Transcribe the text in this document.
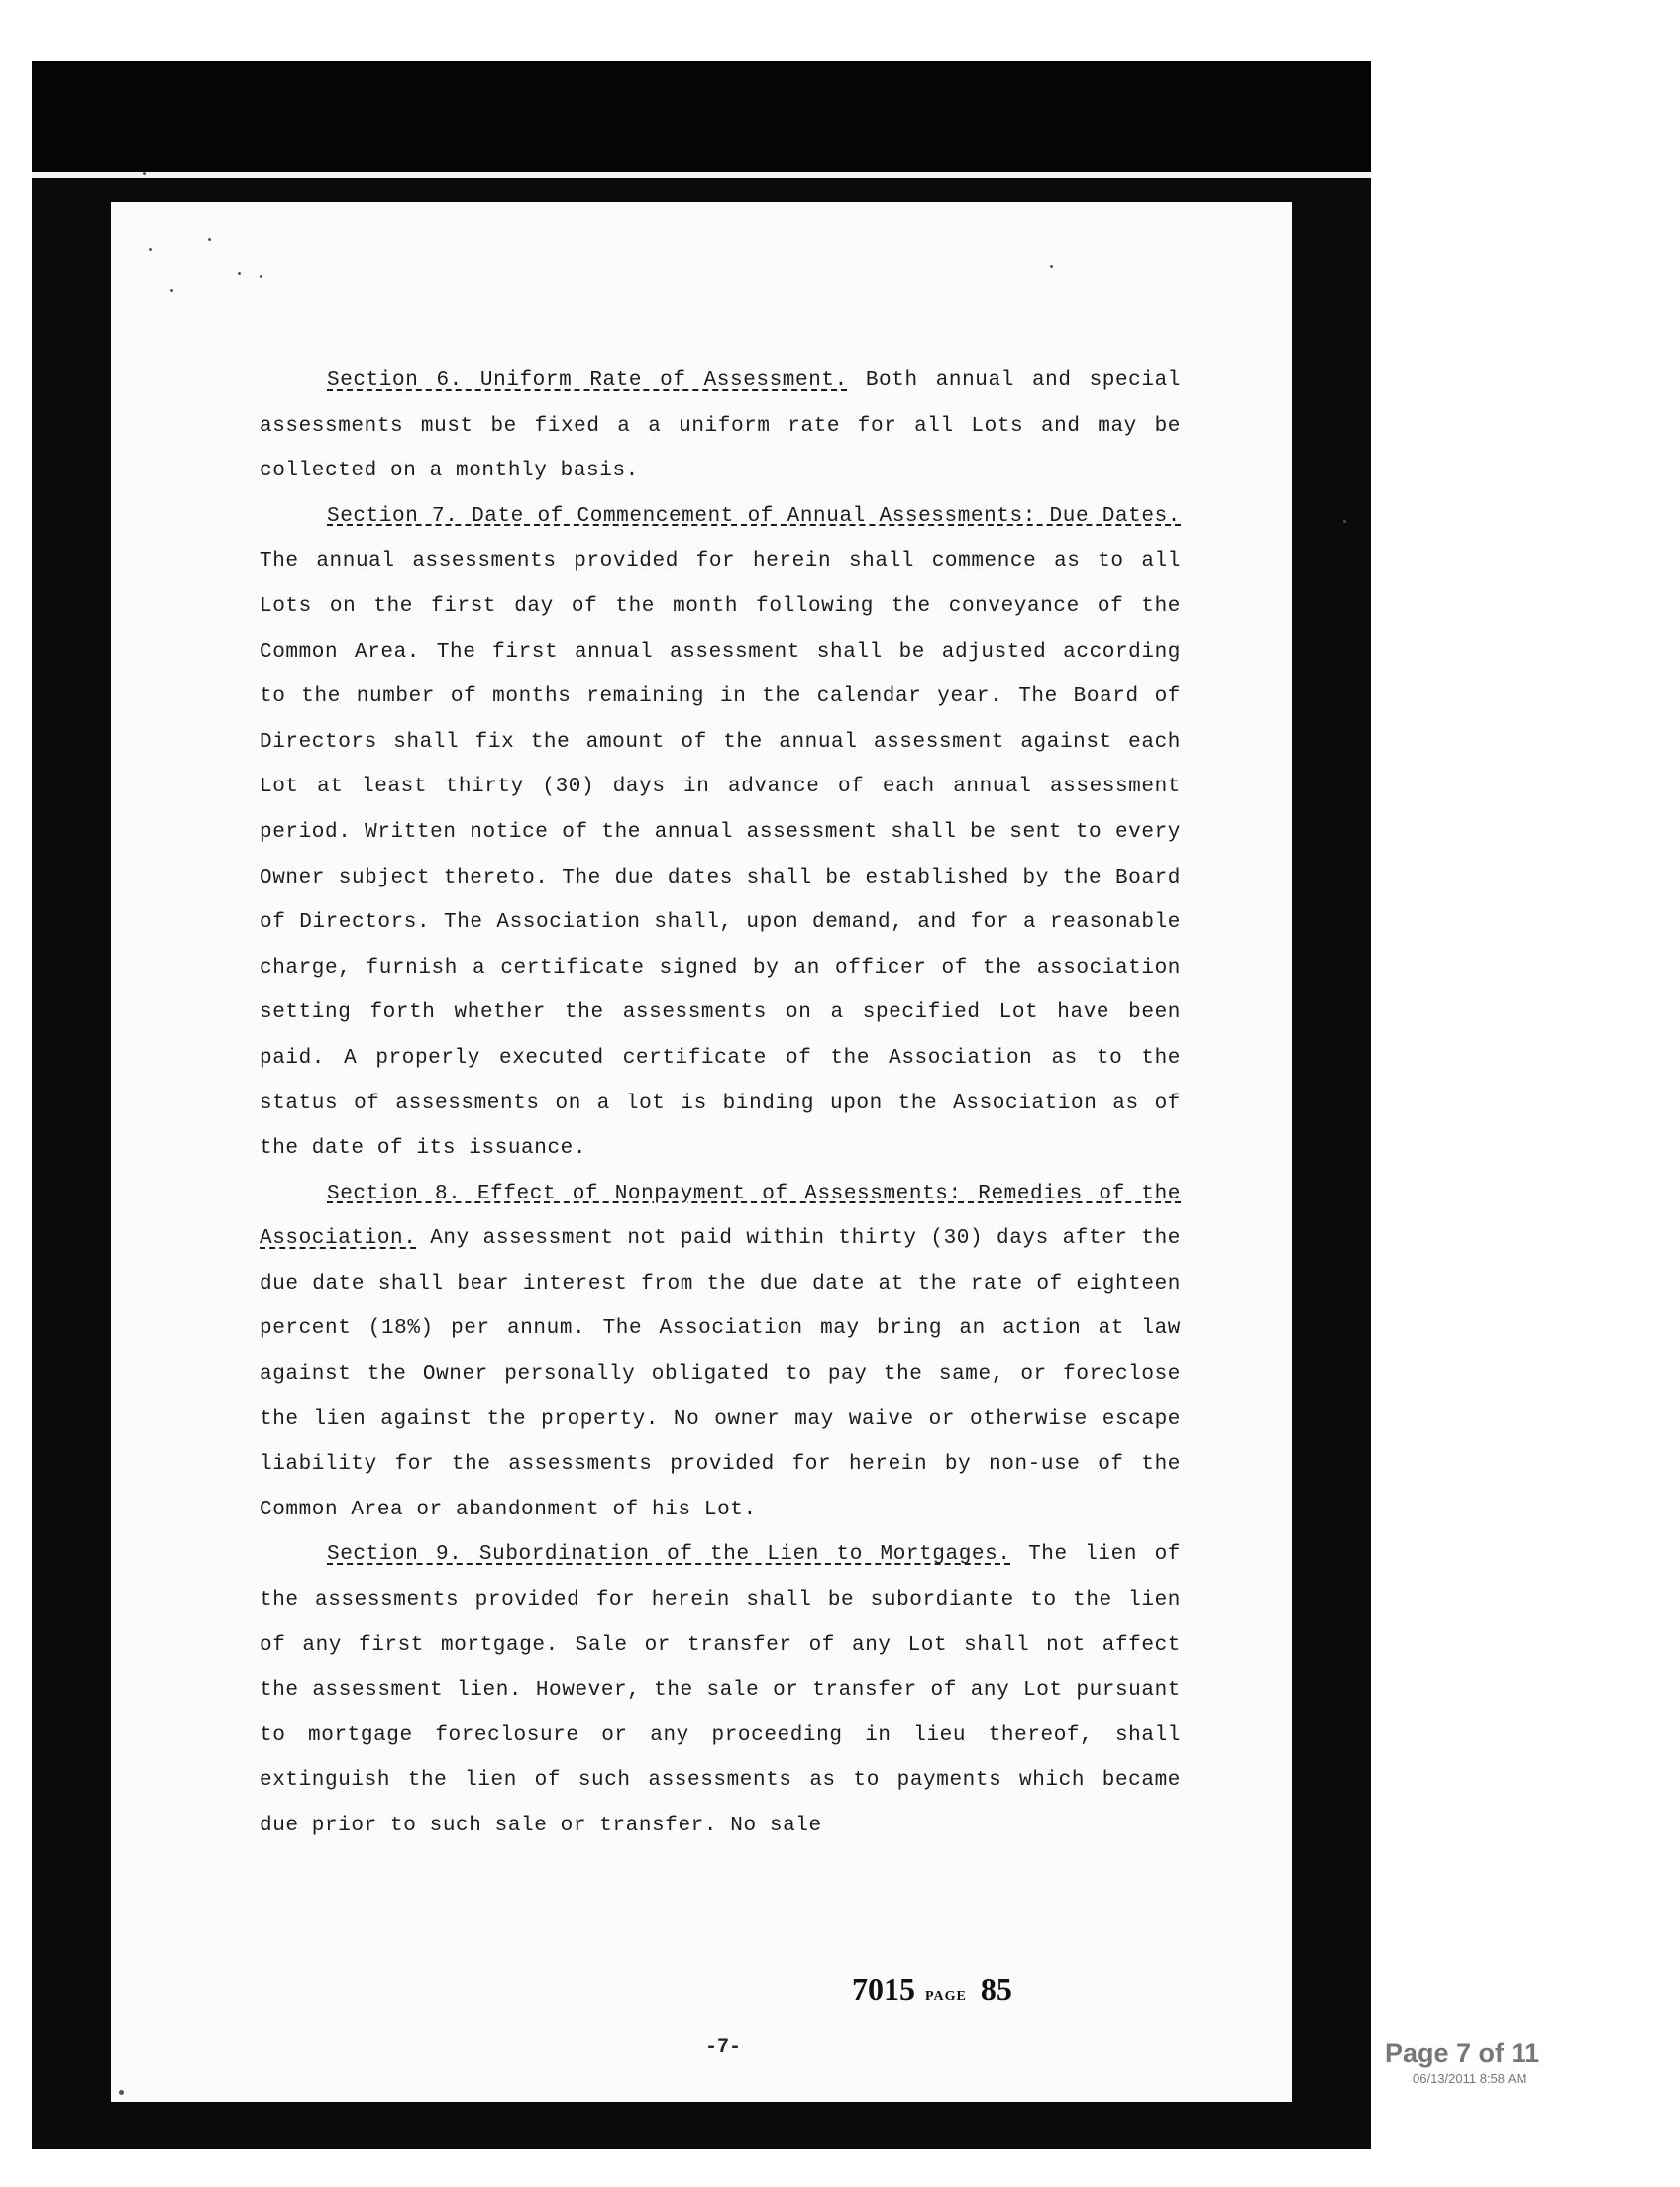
Section 6. Uniform Rate of Assessment. Both annual and special assessments must be fixed a a uniform rate for all Lots and may be collected on a monthly basis.

Section 7. Date of Commencement of Annual Assessments: Due Dates. The annual assessments provided for herein shall commence as to all Lots on the first day of the month following the conveyance of the Common Area. The first annual assessment shall be adjusted according to the number of months remaining in the calendar year. The Board of Directors shall fix the amount of the annual assessment against each Lot at least thirty (30) days in advance of each annual assessment period. Written notice of the annual assessment shall be sent to every Owner subject thereto. The due dates shall be established by the Board of Directors. The Association shall, upon demand, and for a reasonable charge, furnish a certificate signed by an officer of the association setting forth whether the assessments on a specified Lot have been paid. A properly executed certificate of the Association as to the status of assessments on a lot is binding upon the Association as of the date of its issuance.

Section 8. Effect of Nonpayment of Assessments: Remedies of the Association. Any assessment not paid within thirty (30) days after the due date shall bear interest from the due date at the rate of eighteen percent (18%) per annum. The Association may bring an action at law against the Owner personally obligated to pay the same, or foreclose the lien against the property. No owner may waive or otherwise escape liability for the assessments provided for herein by non-use of the Common Area or abandonment of his Lot.

Section 9. Subordination of the Lien to Mortgages. The lien of the assessments provided for herein shall be subordiante to the lien of any first mortgage. Sale or transfer of any Lot shall not affect the assessment lien. However, the sale or transfer of any Lot pursuant to mortgage foreclosure or any proceeding in lieu thereof, shall extinguish the lien of such assessments as to payments which became due prior to such sale or transfer. No sale

7015 PAGE 85
-7-	Page 7 of 11
06/13/2011 8:58 AM
